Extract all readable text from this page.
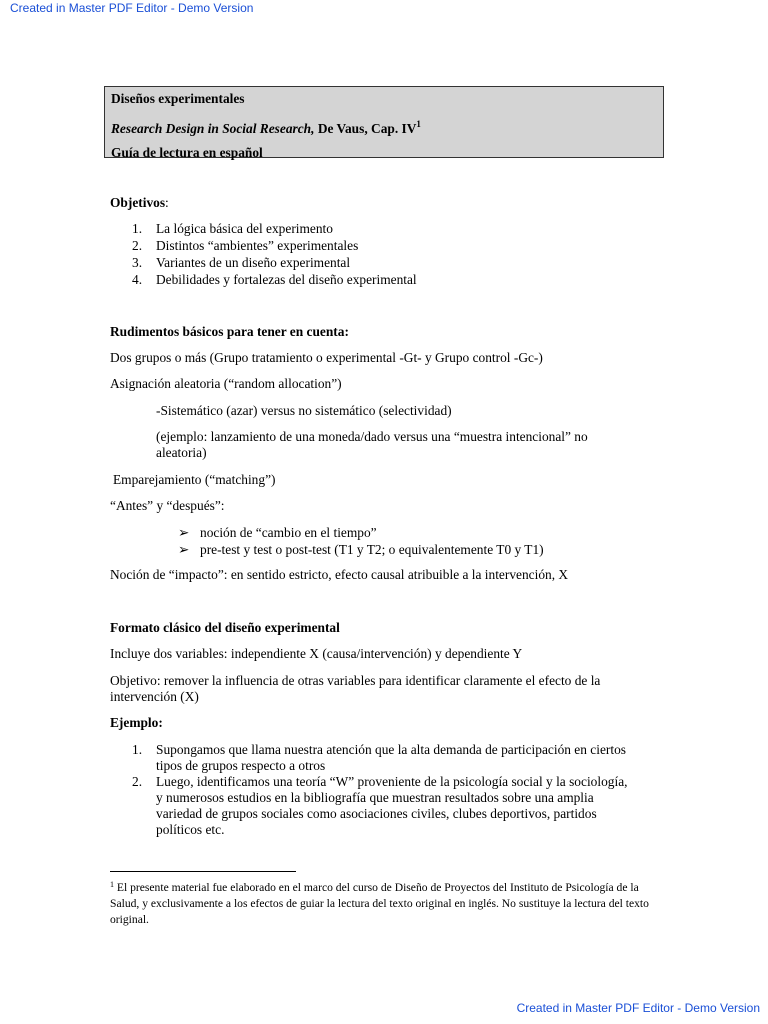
Created in Master PDF Editor - Demo Version
Diseños experimentales
Research Design in Social Research, De Vaus, Cap. $IV^1$
Guía de lectura en español
Objetivos:
1. La lógica básica del experimento
2. Distintos “ambientes” experimentales
3. Variantes de un diseño experimental
4. Debilidades y fortalezas del diseño experimental
Rudimentos básicos para tener en cuenta:
Dos grupos o más (Grupo tratamiento o experimental -Gt- y Grupo control -Gc-)
Asignación aleatoria (“random allocation”)
-Sistemático (azar) versus no sistemático (selectividad)
(ejemplo: lanzamiento de una moneda/dado versus una “muestra intencional” no
aleatoria)
Emparejamiento (“matching”)
“Antes” y “después”:
➢ noción de “cambio en el tiempo”
➢ pre-test y test o post-test (T1 y T2; o equivalentemente T0 y T1)
Noción de “impacto”: en sentido estricto, efecto causal atribuible a la intervención, X
Formato clásico del diseño experimental
Incluye dos variables: independiente X (causa/intervención) y dependiente Y
Objetivo: remover la influencia de otras variables para identificar claramente el efecto de la
intervención (X)
Ejemplo:
1. Supongamos que llama nuestra atención que la alta demanda de participación en ciertos
tipos de grupos respecto a otros
2. Luego, identificamos una teoría “W” proveniente de la psicología social y la sociología,
y numerosos estudios en la bibliografía que muestran resultados sobre una amplia
variedad de grupos sociales como asociaciones civiles, clubes deportivos, partidos
políticos etc.
$^1$ El presente material fue elaborado en el marco del curso de Diseño de Proyectos del Instituto de Psicología de la Salud, y exclusivamente a los efectos de guiar la lectura del texto original en inglés. No sustituye la lectura del texto original.
Created in Master PDF Editor - Demo Version
